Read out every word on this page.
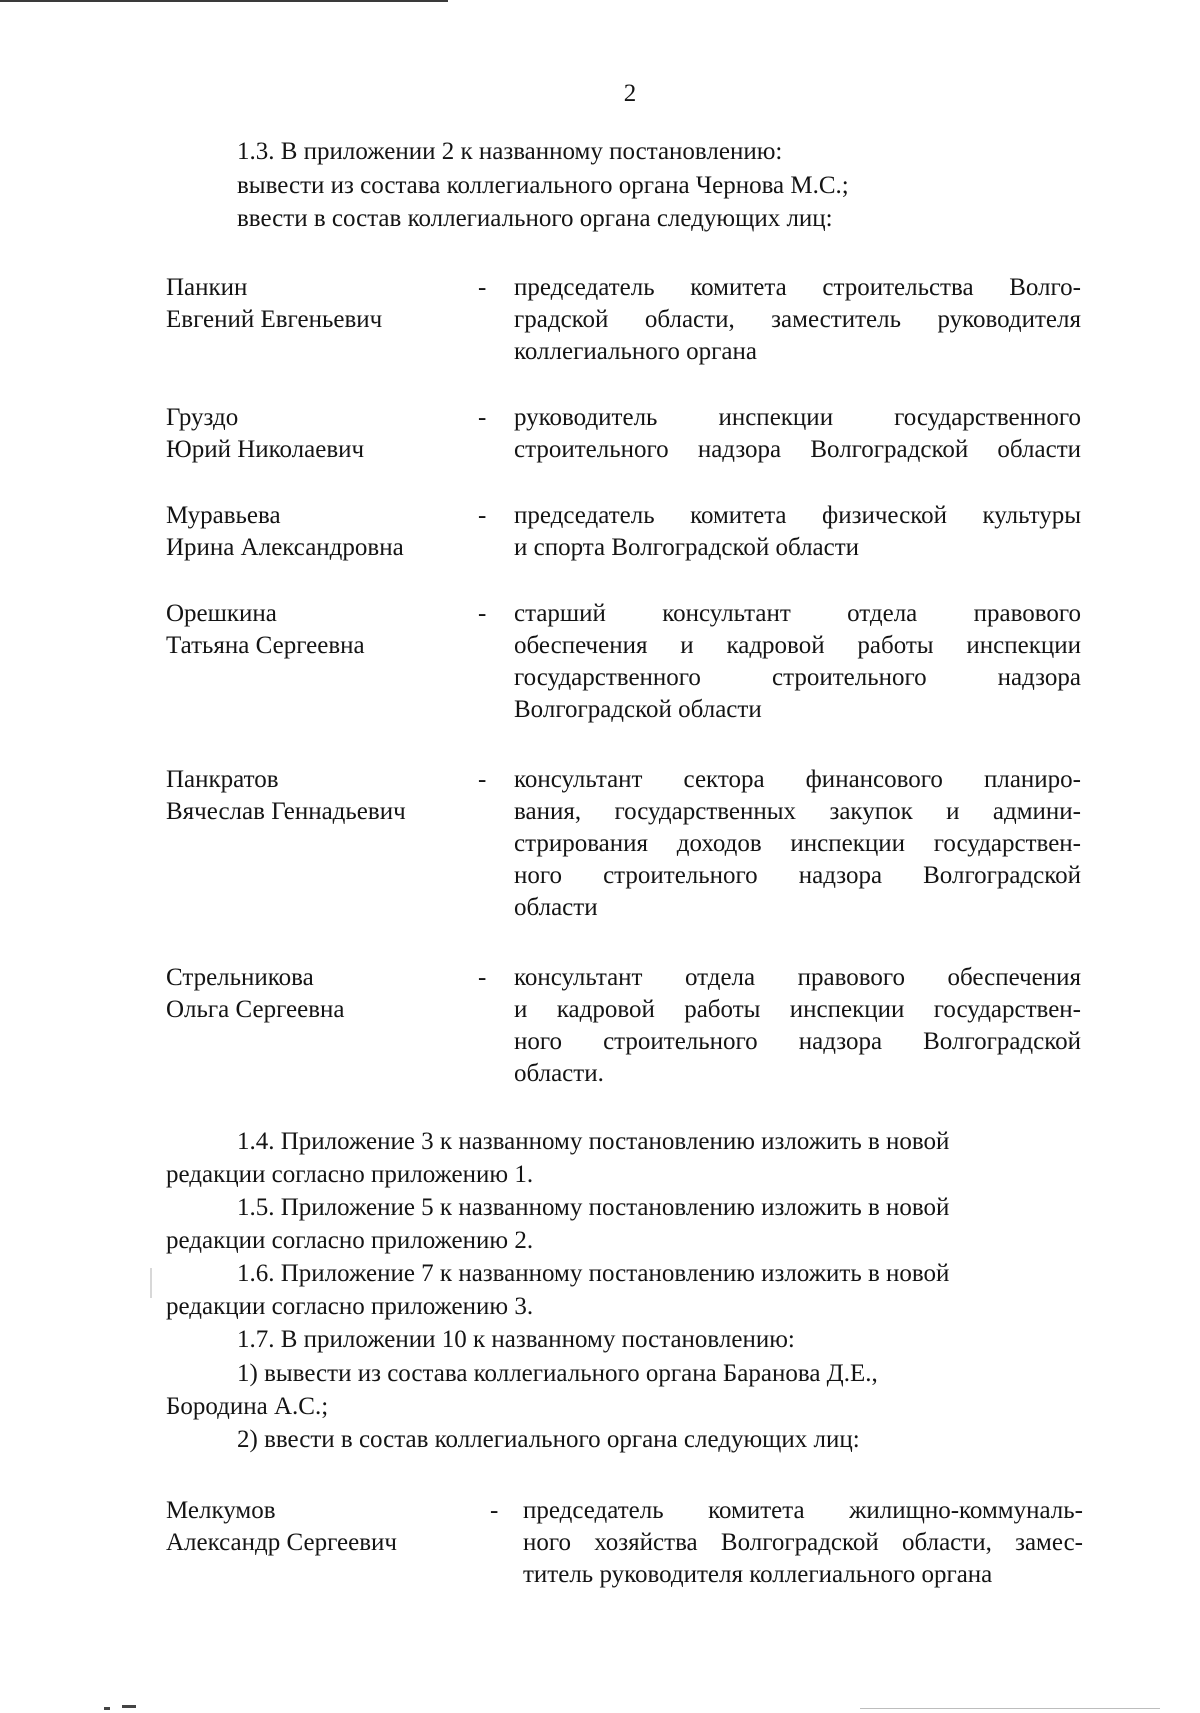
2

1.3. В приложении 2 к названному постановлению:

вывести из состава коллегиального органа Чернова М.С.;

ввести в состав коллегиального органа следующих лиц:

Панкин
Евгений Евгеньевич

- председатель комитета строительства Волго-
градской области, заместитель руководителя
коллегиального органа

Груздо
Юрий Николаевич

- руководитель инспекции государственного
строительного надзора Волгоградской области

Муравьева
Ирина Александровна

- председатель комитета физической культуры
и спорта Волгоградской области

Орешкина
Татьяна Сергеевна

- старший консультант отдела правового
обеспечения и кадровой работы инспекции
государственного строительного надзора
Волгоградской области

Панкратов
Вячеслав Геннадьевич

- консультант сектора финансового планиро-
вания, государственных закупок и админи-
стрирования доходов инспекции государствен-
ного строительного надзора Волгоградской
области

Стрельникова
Ольга Сергеевна

- консультант отдела правового обеспечения
и кадровой работы инспекции государствен-
ного строительного надзора Волгоградской
области.

1.4. Приложение 3 к названному постановлению изложить в новой

редакции согласно приложению 1.

1.5. Приложение 5 к названному постановлению изложить в новой

редакции согласно приложению 2.

1.6. Приложение 7 к названному постановлению изложить в новой

редакции согласно приложению 3.

1.7. В приложении 10 к названному постановлению:

1) вывести из состава коллегиального органа Баранова Д.Е.,

Бородина А.С.;

2) ввести в состав коллегиального органа следующих лиц:

Мелкумов
Александр Сергеевич

- председатель комитета жилищно-коммуналь-
ного хозяйства Волгоградской области, замес-
титель руководителя коллегиального органа
